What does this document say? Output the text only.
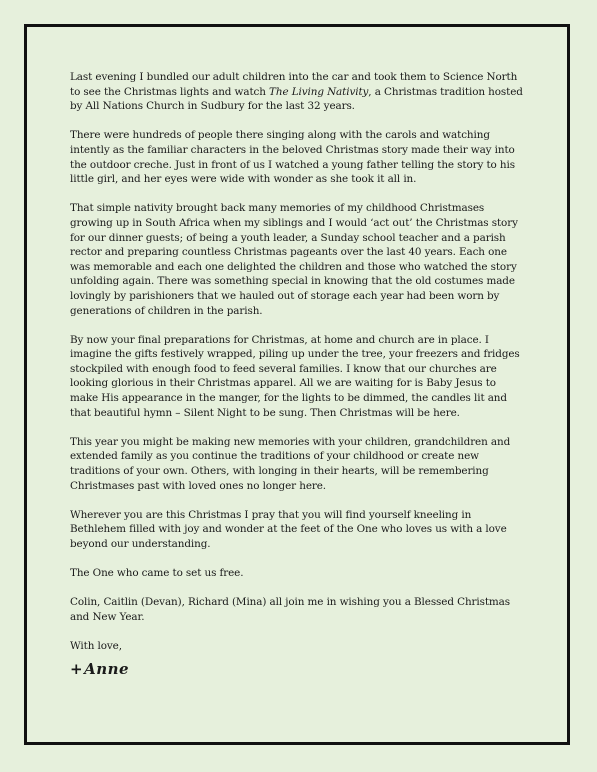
Last evening I bundled our adult children into the car and took them to Science North to see the Christmas lights and watch The Living Nativity, a Christmas tradition hosted by All Nations Church in Sudbury for the last 32 years.

There were hundreds of people there singing along with the carols and watching intently as the familiar characters in the beloved Christmas story made their way into the outdoor creche. Just in front of us I watched a young father telling the story to his little girl, and her eyes were wide with wonder as she took it all in.

That simple nativity brought back many memories of my childhood Christmases growing up in South Africa when my siblings and I would ‘act out’ the Christmas story for our dinner guests; of being a youth leader, a Sunday school teacher and a parish rector and preparing countless Christmas pageants over the last 40 years. Each one was memorable and each one delighted the children and those who watched the story unfolding again. There was something special in knowing that the old costumes made lovingly by parishioners that we hauled out of storage each year had been worn by generations of children in the parish.

By now your final preparations for Christmas, at home and church are in place. I imagine the gifts festively wrapped, piling up under the tree, your freezers and fridges stockpiled with enough food to feed several families. I know that our churches are looking glorious in their Christmas apparel. All we are waiting for is Baby Jesus to make His appearance in the manger, for the lights to be dimmed, the candles lit and that beautiful hymn – Silent Night to be sung. Then Christmas will be here.

This year you might be making new memories with your children, grandchildren and extended family as you continue the traditions of your childhood or create new traditions of your own. Others, with longing in their hearts, will be remembering Christmases past with loved ones no longer here.

Wherever you are this Christmas I pray that you will find yourself kneeling in Bethlehem filled with joy and wonder at the feet of the One who loves us with a love beyond our understanding.

The One who came to set us free.

Colin, Caitlin (Devan), Richard (Mina) all join me in wishing you a Blessed Christmas and New Year.

With love,

+Anne
